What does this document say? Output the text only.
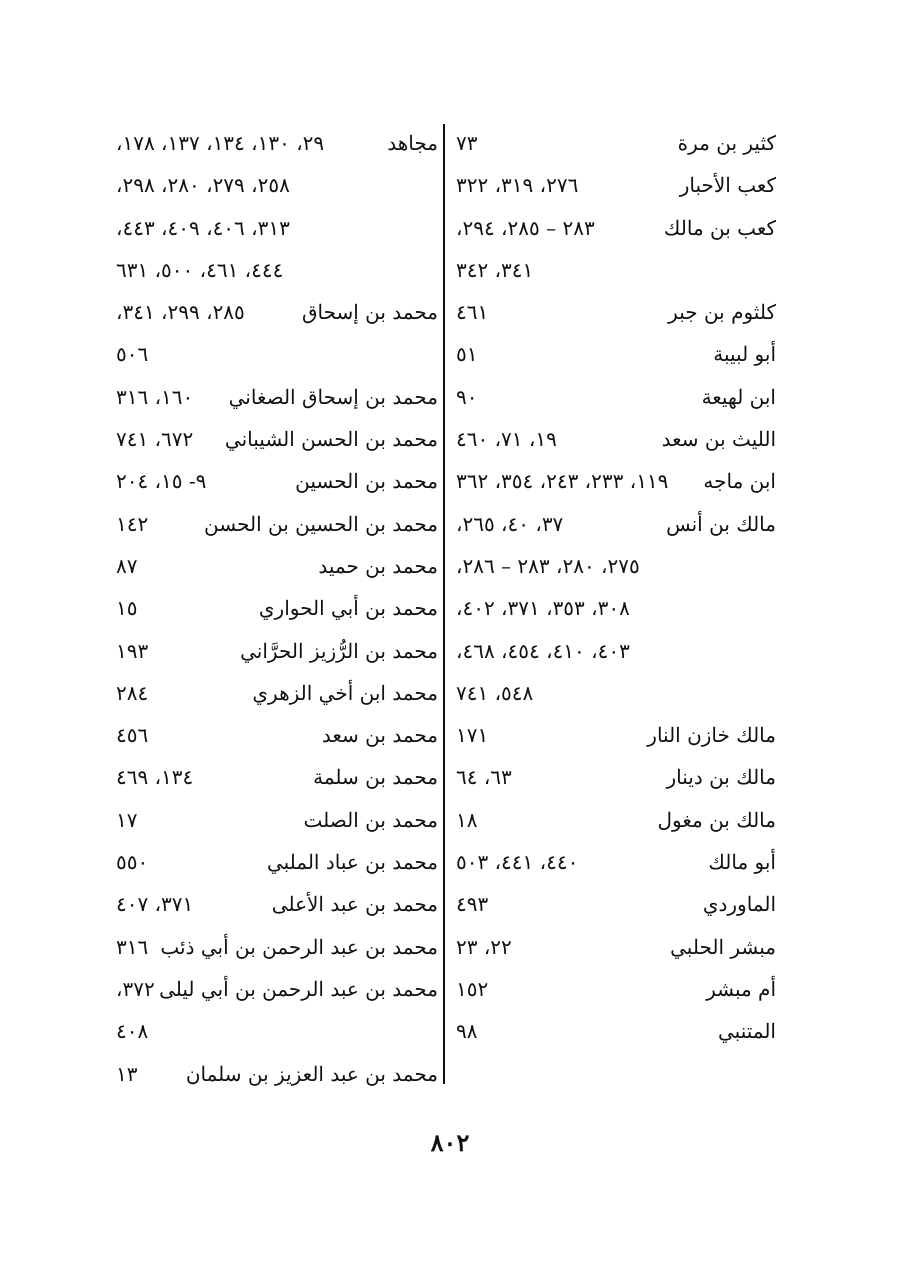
كثير بن مرة
٧٣
كعب الأحبار
٢٧٦، ٣١٩، ٣٢٢
كعب بن مالك
٢٨٣ – ٢٨٥، ٢٩٤،
٣٤١، ٣٤٢
كلثوم بن جبر
٤٦١
أبو لبيبة
٥١
ابن لهيعة
٩٠
الليث بن سعد
١٩، ٧١، ٤٦٠
ابن ماجه
١١٩، ٢٣٣، ٢٤٣، ٣٥٤، ٣٦٢
مالك بن أنس
٣٧، ٤٠، ٢٦٥،
٢٧٥، ٢٨٠، ٢٨٣ – ٢٨٦،
٣٠٨، ٣٥٣، ٣٧١، ٤٠٢،
٤٠٣، ٤١٠، ٤٥٤، ٤٦٨،
٥٤٨، ٧٤١
مالك خازن النار
١٧١
مالك بن دينار
٦٣، ٦٤
مالك بن مغول
١٨
أبو مالك
٤٤٠، ٤٤١، ٥٠٣
الماوردي
٤٩٣
مبشر الحلبي
٢٢، ٢٣
أم مبشر
١٥٢
المتنبي
٩٨
مجاهد
٢٩، ١٣٠، ١٣٤، ١٣٧، ١٧٨،
٢٥٨، ٢٧٩، ٢٨٠، ٢٩٨،
٣١٣، ٤٠٦، ٤٠٩، ٤٤٣،
٤٤٤، ٤٦١، ٥٠٠، ٦٣١
محمد بن إسحاق
٢٨٥، ٢٩٩، ٣٤١،
٥٠٦
محمد بن إسحاق الصغاني
١٦٠، ٣١٦
محمد بن الحسن الشيباني
٦٧٢، ٧٤١
محمد بن الحسين
٩- ١٥، ٢٠٤
محمد بن الحسين بن الحسن
١٤٢
محمد بن حميد
٨٧
محمد بن أبي الحواري
١٥
محمد بن الرُّزيز الحرَّاني
١٩٣
محمد ابن أخي الزهري
٢٨٤
محمد بن سعد
٤٥٦
محمد بن سلمة
١٣٤، ٤٦٩
محمد بن الصلت
١٧
محمد بن عباد الملبي
٥٥٠
محمد بن عبد الأعلى
٣٧١، ٤٠٧
محمد بن عبد الرحمن بن أبي ذئب
٣١٦
محمد بن عبد الرحمن بن أبي ليلى
٣٧٢،
٤٠٨
محمد بن عبد العزيز بن سلمان
١٣
٨٠٢
